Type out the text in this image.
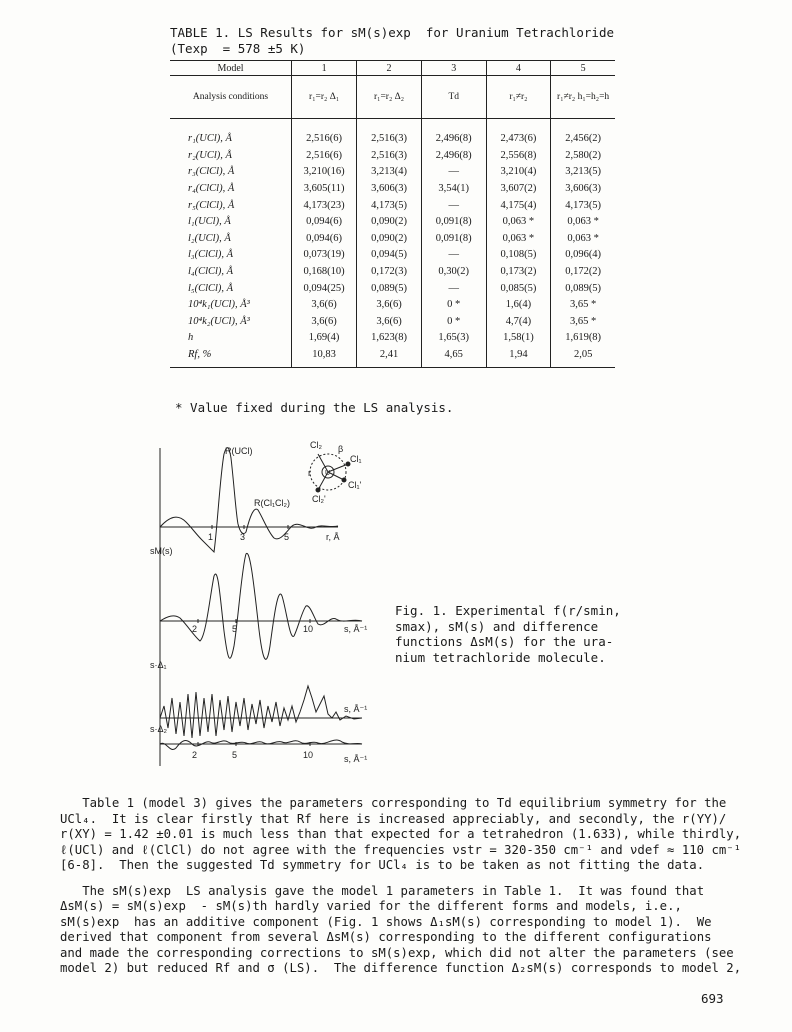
TABLE 1. LS Results for sM(s)exp  for Uranium Tetrachloride
(Texp  = 578 ±5 K)
Model	1	2	3	4	5
Analysis conditions	r₁=r₂ Δ₁	r₁=r₂ Δ₂	Td	r₁≠r₂	r₁≠r₂ h₁=h₂=h
r₁(UCl), Å	2,516(6)	2,516(3)	2,496(8)	2,473(6)	2,456(2)
r₂(UCl), Å	2,516(6)	2,516(3)	2,496(8)	2,556(8)	2,580(2)
r₃(ClCl), Å	3,210(16)	3,213(4)	—	3,210(4)	3,213(5)
r₄(ClCl), Å	3,605(11)	3,606(3)	3,54(1)	3,607(2)	3,606(3)
r₅(ClCl), Å	4,173(23)	4,173(5)	—	4,175(4)	4,173(5)
l₁(UCl), Å	0,094(6)	0,090(2)	0,091(8)	0,063 *	0,063 *
l₂(UCl), Å	0,094(6)	0,090(2)	0,091(8)	0,063 *	0,063 *
l₃(ClCl), Å	0,073(19)	0,094(5)	—	0,108(5)	0,096(4)
l₄(ClCl), Å	0,168(10)	0,172(3)	0,30(2)	0,173(2)	0,172(2)
l₅(ClCl), Å	0,094(25)	0,089(5)	—	0,085(5)	0,089(5)
10⁴k₁(UCl), Å³	3,6(6)	3,6(6)	0 *	1,6(4)	3,65 *
10⁴k₂(UCl), Å³	3,6(6)	3,6(6)	0 *	4,7(4)	3,65 *
h	1,69(4)	1,623(8)	1,65(3)	1,58(1)	1,619(8)
Rf, %	10,83	2,41	4,65	1,94	2,05
* Value fixed during the LS analysis.
R(UCl)
R(Cl₁Cl₂)
sM(s)
s·Δ₁
s·Δ₂
r, Å
s, Å⁻¹
s, Å⁻¹
s, Å⁻¹
1	3	5
2	5	10
2	5	10
Cl₂
Cl₁
Cl₁'
Cl₂'
U
r
β
Fig. 1. Experimental f(r/smin,
smax), sM(s) and difference
functions ΔsM(s) for the ura-
nium tetrachloride molecule.
Table 1 (model 3) gives the parameters corresponding to Td equilibrium symmetry for the
UCl₄.  It is clear firstly that Rf here is increased appreciably, and secondly, the r(YY)/
r(XY) = 1.42 ±0.01 is much less than that expected for a tetrahedron (1.633), while thirdly,
ℓ(UCl) and ℓ(ClCl) do not agree with the frequencies νstr = 320-350 cm⁻¹ and νdef ≈ 110 cm⁻¹
[6-8].  Then the suggested Td symmetry for UCl₄ is to be taken as not fitting the data.
The sM(s)exp  LS analysis gave the model 1 parameters in Table 1.  It was found that
ΔsM(s) = sM(s)exp  - sM(s)th hardly varied for the different forms and models, i.e.,
sM(s)exp  has an additive component (Fig. 1 shows Δ₁sM(s) corresponding to model 1).  We
derived that component from several ΔsM(s) corresponding to the different configurations
and made the corresponding corrections to sM(s)exp, which did not alter the parameters (see
model 2) but reduced Rf and σ (LS).  The difference function Δ₂sM(s) corresponds to model 2,
693
